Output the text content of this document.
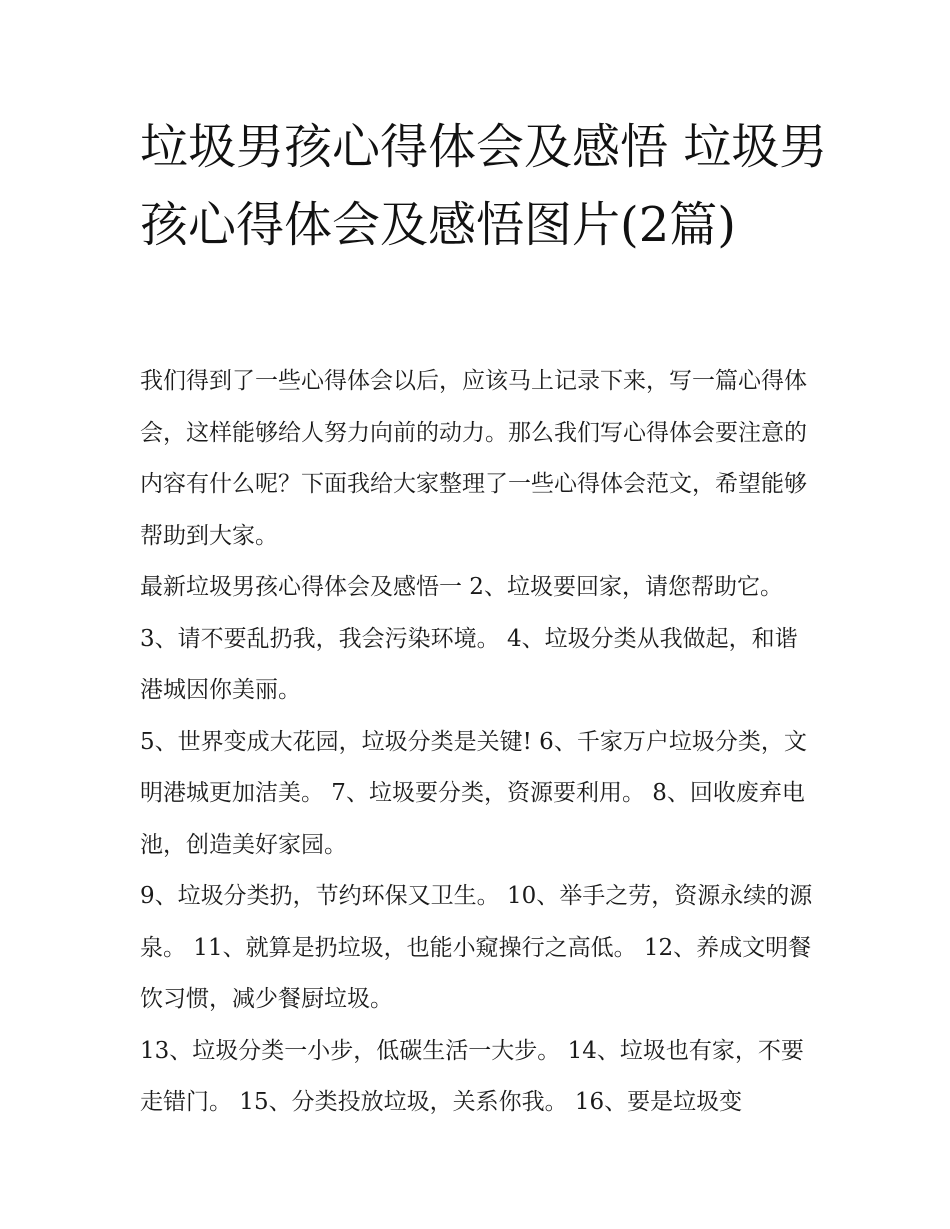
垃圾男孩心得体会及感悟 垃圾男孩心得体会及感悟图片(2篇)

我们得到了一些心得体会以后，应该马上记录下来，写一篇心得体会，这样能够给人努力向前的动力。那么我们写心得体会要注意的内容有什么呢？下面我给大家整理了一些心得体会范文，希望能够帮助到大家。

最新垃圾男孩心得体会及感悟一 2、垃圾要回家，请您帮助它。 3、请不要乱扔我，我会污染环境。 4、垃圾分类从我做起，和谐港城因你美丽。

5、世界变成大花园，垃圾分类是关键! 6、千家万户垃圾分类，文明港城更加洁美。 7、垃圾要分类，资源要利用。 8、回收废弃电池，创造美好家园。

9、垃圾分类扔，节约环保又卫生。 10、举手之劳，资源永续的源泉。 11、就算是扔垃圾，也能小窥操行之高低。 12、养成文明餐饮习惯，减少餐厨垃圾。

13、垃圾分类一小步，低碳生活一大步。 14、垃圾也有家，不要走错门。 15、分类投放垃圾，关系你我。 16、要是垃圾变
